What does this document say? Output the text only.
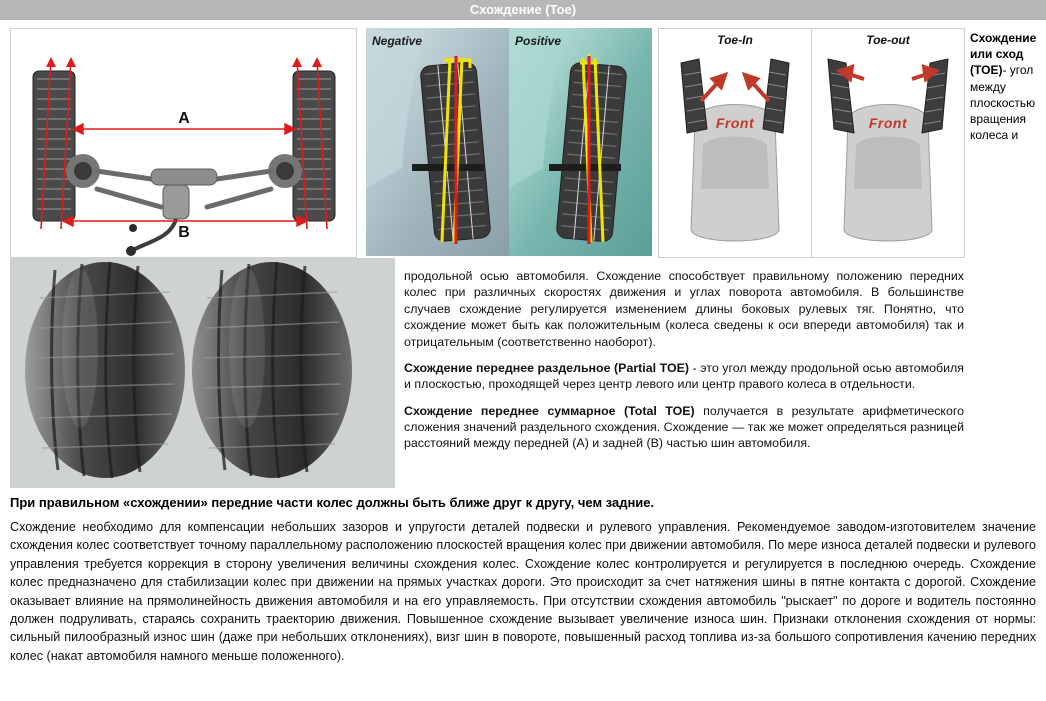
Схождение (Toe)
A
B
Negative	Positive	Toe-In
Front
Toe-out
Front
Схождение или сход (TOE)- угол между плоскостью вращения колеса и

продольной осью автомобиля. Схождение способствует правильному положению передних колес при различных скоростях движения и углах поворота автомобиля. В большинстве случаев схождение регулируется изменением длины боковых рулевых тяг. Понятно, что схождение может быть как положительным (колеса сведены к оси впереди автомобиля) так и отрицательным (соответственно наоборот).

Схождение переднее раздельное (Partial TOE) - это угол между продольной осью автомобиля и плоскостью, проходящей через центр левого или центр правого колеса в отдельности.

Схождение переднее суммарное (Total TOE) получается в результате арифметического сложения значений раздельного схождения. Схождение — так же может определяться разницей расстояний между передней (A) и задней (B) частью шин автомобиля.

При правильном «схождении» передние части колес должны быть ближе друг к другу, чем задние.
Схождение необходимо для компенсации небольших зазоров и упругости деталей подвески и рулевого управления. Рекомендуемое заводом-изготовителем значение схождения колес соответствует точному параллельному расположению плоскостей вращения колес при движении автомобиля. По мере износа деталей подвески и рулевого управления требуется коррекция в сторону увеличения величины схождения колес. Схождение колес контролируется и регулируется в последнюю очередь. Схождение колес предназначено для стабилизации колес при движении на прямых участках дороги. Это происходит за счет натяжения шины в пятне контакта с дорогой. Схождение оказывает влияние на прямолинейность движения автомобиля и на его управляемость. При отсутствии схождения автомобиль "рыскает" по дороге и водитель постоянно должен подруливать, стараясь сохранить траекторию движения. Повышенное схождение вызывает увеличение износа шин. Признаки отклонения схождения от нормы: сильный пилообразный износ шин (даже при небольших отклонениях), визг шин в повороте, повышенный расход топлива из-за большого сопротивления качению передних колес (накат автомобиля намного меньше положенного).
